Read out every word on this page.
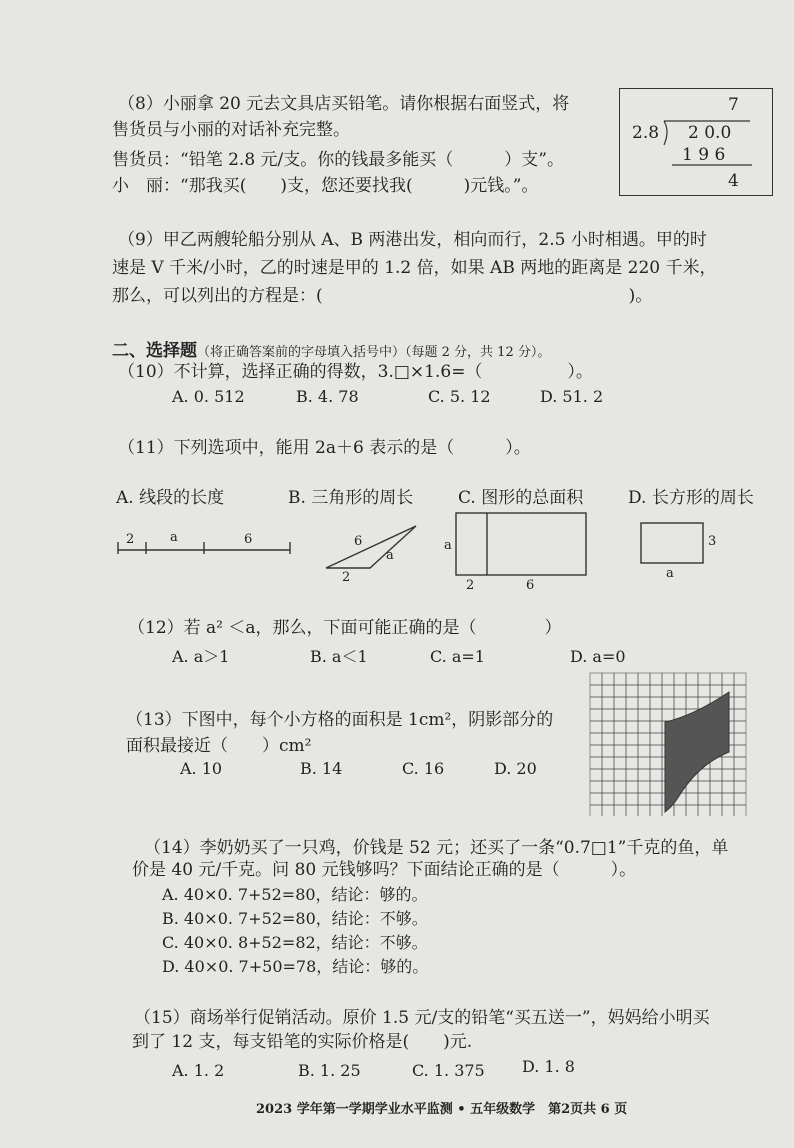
（8）小丽拿 20 元去文具店买铅笔。请你根据右面竖式，将
售货员与小丽的对话补充完整。
售货员：“铅笔 2.8 元/支。你的钱最多能买（　　　）支”。
小　丽：“那我买(　　)支，您还要找我(　　　)元钱。”。
7
2.8 2 0.0
1 9 6
4
（9）甲乙两艘轮船分别从 A、B 两港出发，相向而行，2.5 小时相遇。甲的时
速是 V 千米/小时，乙的时速是甲的 1.2 倍，如果 AB 两地的距离是 220 千米，
那么，可以列出的方程是：(　　　　　　　　　　　　　　　　　　)。
二、选择题（将正确答案前的字母填入括号中）（每题 2 分，共 12 分）。
（10）不计算，选择正确的得数，3.□×1.6=（　　　　　）。
A. 0. 512	B. 4. 78	C. 5. 12	D. 51. 2
（11）下列选项中，能用 2a＋6 表示的是（　　　）。
A. 线段的长度	B. 三角形的周长	C. 图形的总面积	D. 长方形的周长
2	a	6	6
a
2
a
2	6
3
a
（12）若 a² ＜a，那么，下面可能正确的是（　　　　）
A. a＞1	B. a＜1	C. a=1	D. a=0
（13）下图中，每个小方格的面积是 1cm²，阴影部分的
面积最接近（　　）cm²
A. 10	B. 14	C. 16	D. 20
（14）李奶奶买了一只鸡，价钱是 52 元；还买了一条“0.7□1”千克的鱼，单
价是 40 元/千克。问 80 元钱够吗？下面结论正确的是（　　　）。
A. 40×0. 7+52=80，结论：够的。
B. 40×0. 7+52=80，结论：不够。
C. 40×0. 8+52=82，结论：不够。
D. 40×0. 7+50=78，结论：够的。
（15）商场举行促销活动。原价 1.5 元/支的铅笔“买五送一”，妈妈给小明买
到了 12 支，每支铅笔的实际价格是(　　)元.
A. 1. 2	B. 1. 25	C. 1. 375 D. 1. 8
2023 学年第一学期学业水平监测 • 五年级数学　第2页共 6 页
